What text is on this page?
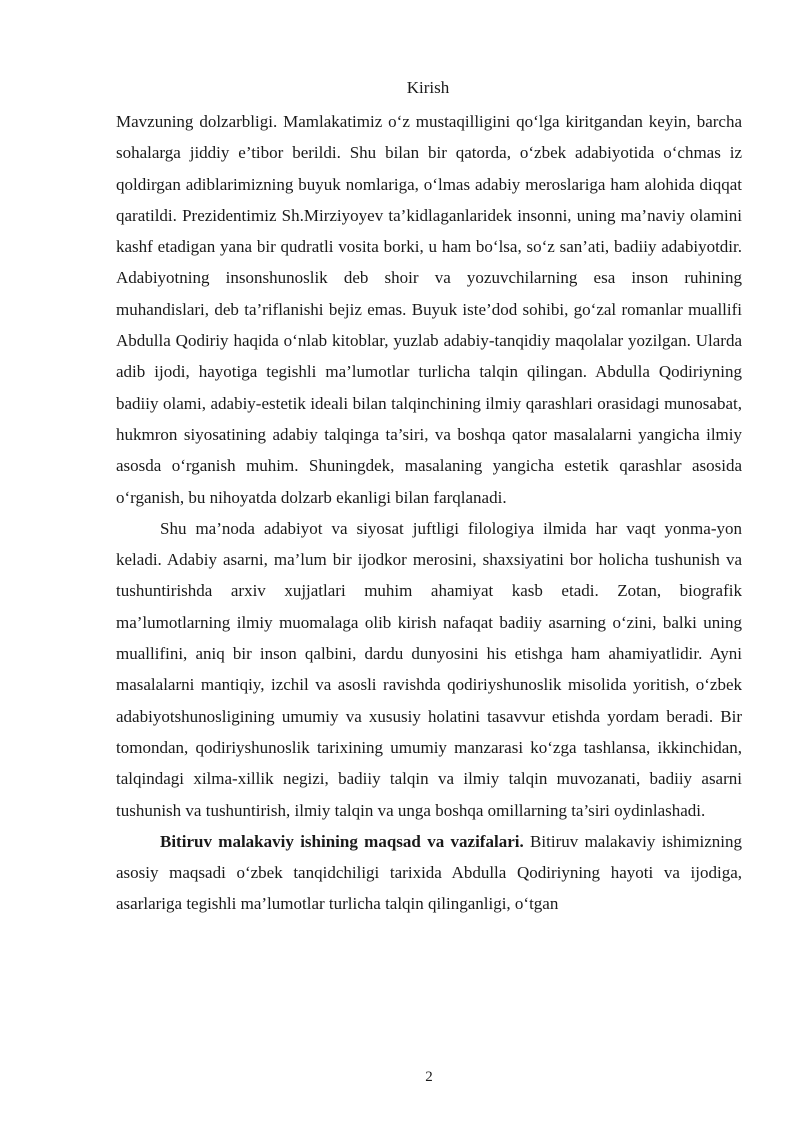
Kirish

Mavzuning dolzarbligi. Mamlakatimiz o‘z mustaqilligini qo‘lga kiritgandan keyin, barcha sohalarga jiddiy e’tibor berildi. Shu bilan bir qatorda, o‘zbek adabiyotida o‘chmas iz qoldirgan adiblarimizning buyuk nomlariga, o‘lmas adabiy meroslariga ham alohida diqqat qaratildi. Prezidentimiz Sh.Mirziyoyev ta’kidlaganlaridek insonni, uning ma’naviy olamini kashf etadigan yana bir qudratli vosita borki, u ham bo‘lsa, so‘z san’ati, badiiy adabiyotdir. Adabiyotning insonshunoslik deb shoir va yozuvchilarning esa inson ruhining muhandislari, deb ta’riflanishi bejiz emas. Buyuk iste’dod sohibi, go‘zal romanlar muallifi Abdulla Qodiriy haqida o‘nlab kitoblar, yuzlab adabiy-tanqidiy maqolalar yozilgan. Ularda adib ijodi, hayotiga tegishli ma’lumotlar turlicha talqin qilingan. Abdulla Qodiriyning badiiy olami, adabiy-estetik ideali bilan talqinchining ilmiy qarashlari orasidagi munosabat, hukmron siyosatining adabiy talqinga ta’siri, va boshqa qator masalalarni yangicha ilmiy asosda o‘rganish muhim. Shuningdek, masalaning yangicha estetik qarashlar asosida o‘rganish, bu nihoyatda dolzarb ekanligi bilan farqlanadi.

Shu ma’noda adabiyot va siyosat juftligi filologiya ilmida har vaqt yonma-yon keladi. Adabiy asarni, ma’lum bir ijodkor merosini, shaxsiyatini bor holicha tushunish va tushuntirishda arxiv xujjatlari muhim ahamiyat kasb etadi. Zotan, biografik ma’lumotlarning ilmiy muomalaga olib kirish nafaqat badiiy asarning o‘zini, balki uning muallifini, aniq bir inson qalbini, dardu dunyosini his etishga ham ahamiyatlidir. Ayni masalalarni mantiqiy, izchil va asosli ravishda qodiriyshunoslik misolida yoritish, o‘zbek adabiyotshunosligining umumiy va xususiy holatini tasavvur etishda yordam beradi. Bir tomondan, qodiriyshunoslik tarixining umumiy manzarasi ko‘zga tashlansa, ikkinchidan, talqindagi xilma-xillik negizi, badiiy talqin va ilmiy talqin muvozanati, badiiy asarni tushunish va tushuntirish, ilmiy talqin va unga boshqa omillarning ta’siri oydinlashadi.

Bitiruv malakaviy ishining maqsad va vazifalari. Bitiruv malakaviy ishimizning asosiy maqsadi o‘zbek tanqidchiligi tarixida Abdulla Qodiriyning hayoti va ijodiga, asarlariga tegishli ma’lumotlar turlicha talqin qilinganligi, o‘tgan

2
